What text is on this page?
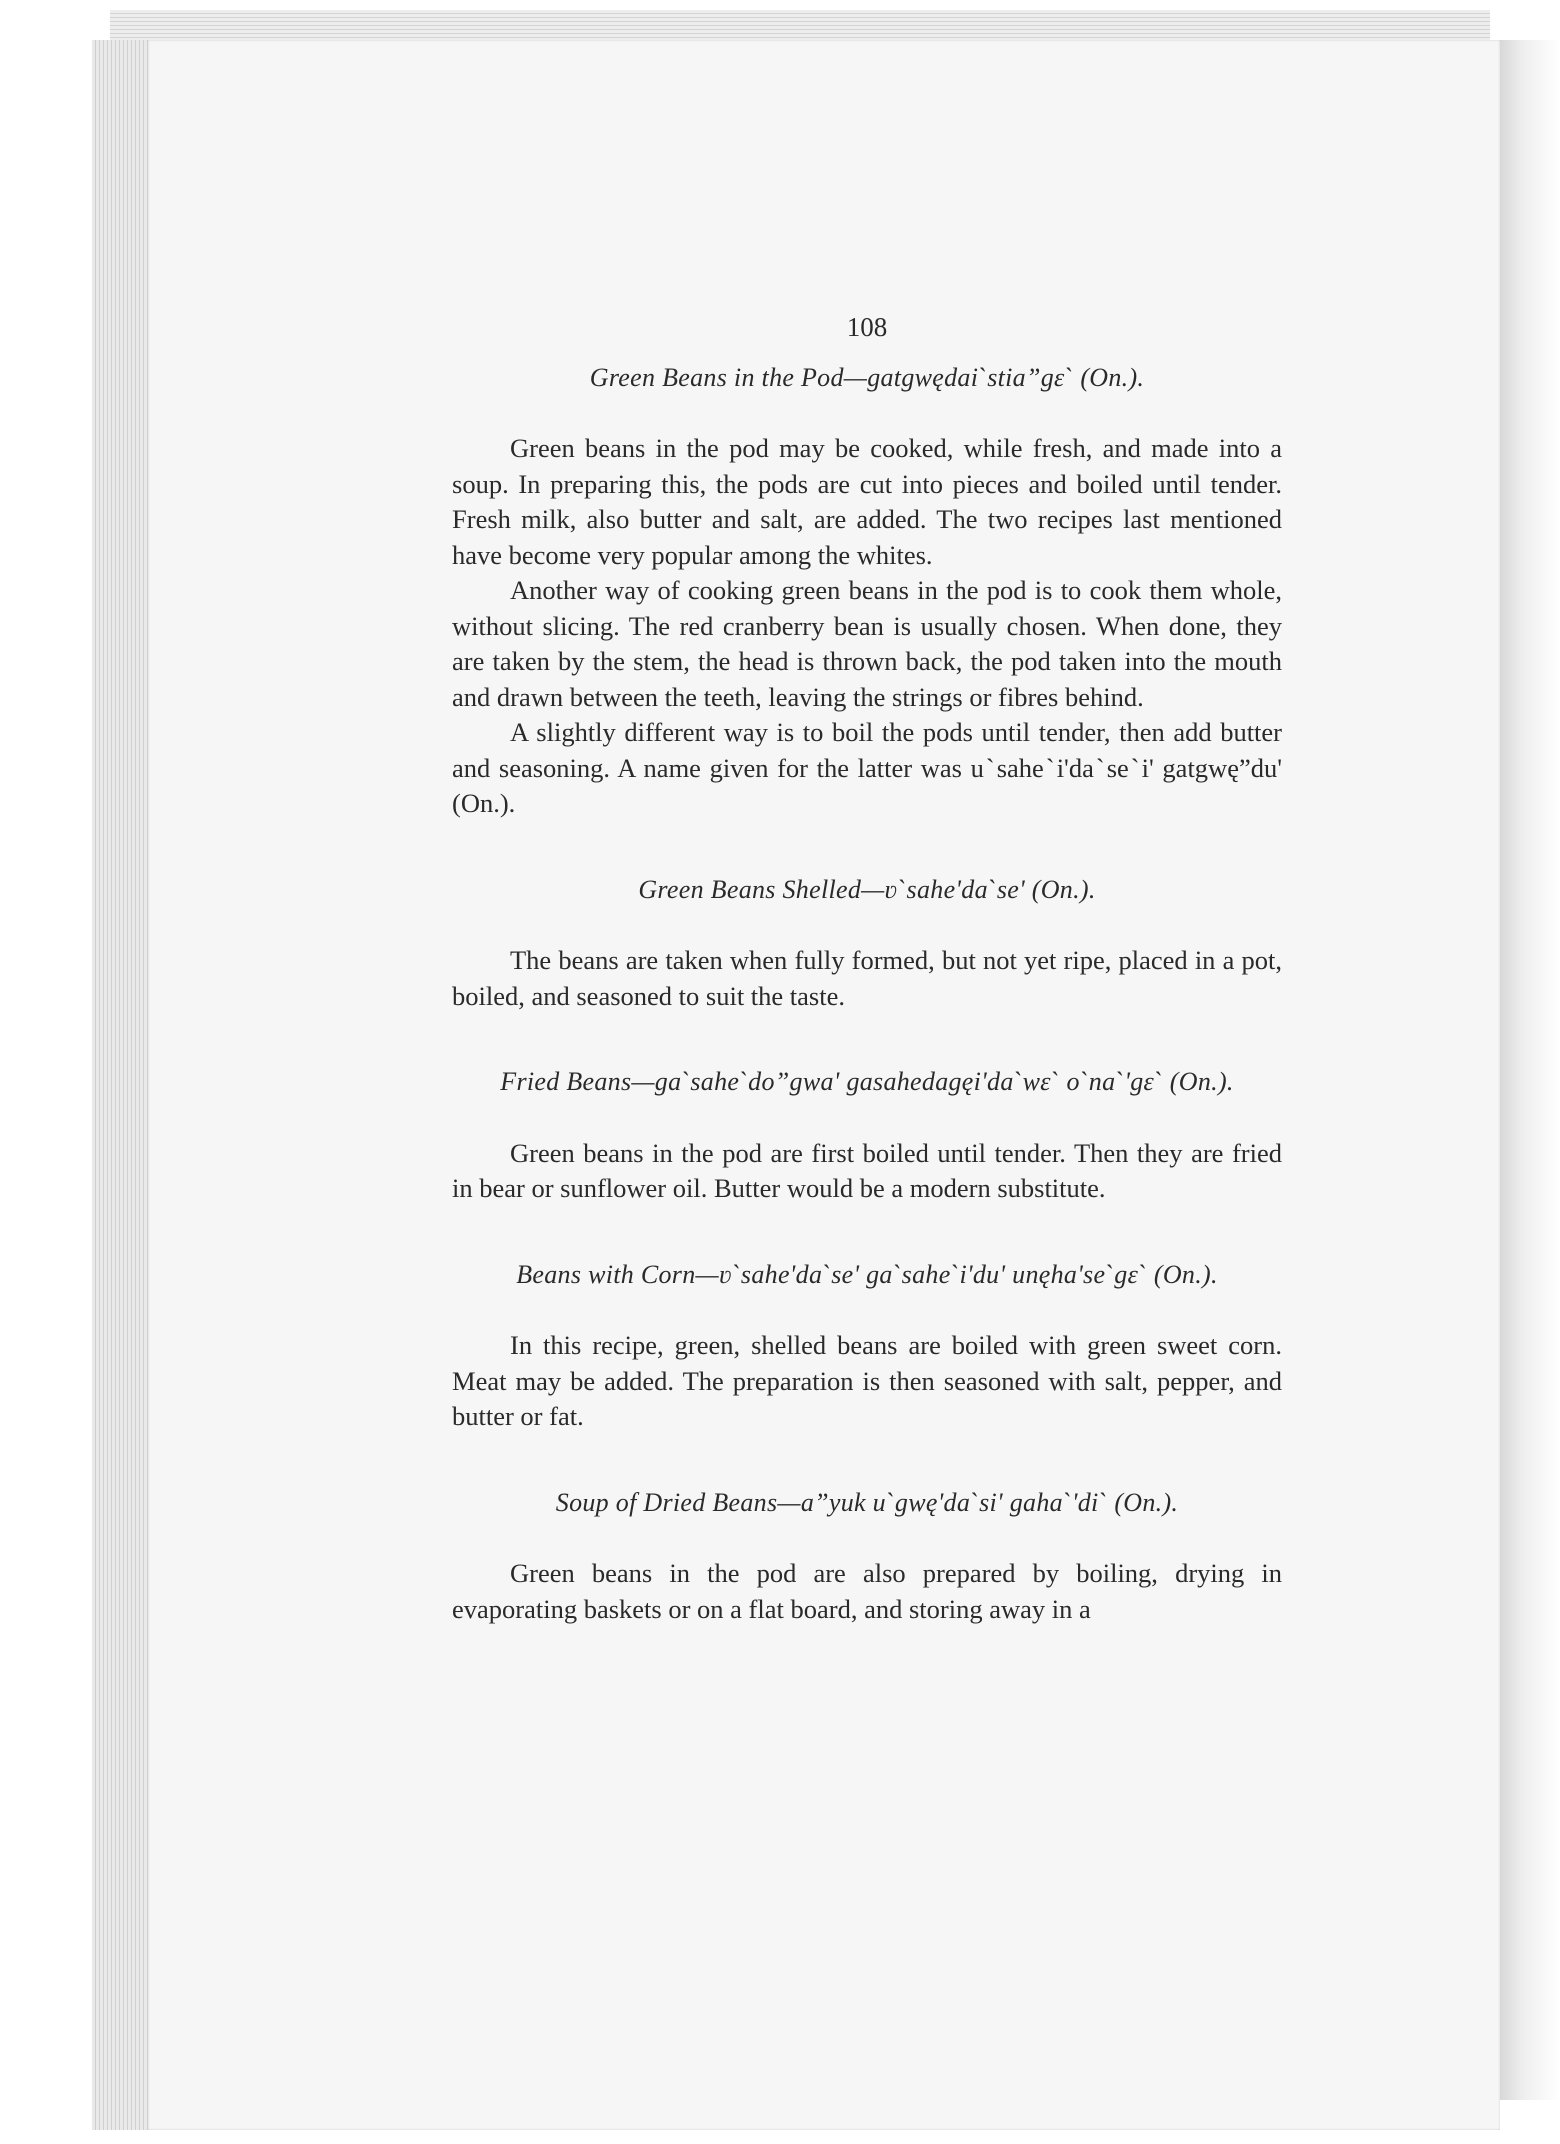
108
Green Beans in the Pod—gatgwędaiˋstia”gɛˋ (On.).

Green beans in the pod may be cooked, while fresh, and made into a soup. In preparing this, the pods are cut into pieces and boiled until tender. Fresh milk, also butter and salt, are added. The two recipes last mentioned have become very popular among the whites.

Another way of cooking green beans in the pod is to cook them whole, without slicing. The red cranberry bean is usually chosen. When done, they are taken by the stem, the head is thrown back, the pod taken into the mouth and drawn between the teeth, leaving the strings or fibres behind.

A slightly different way is to boil the pods until tender, then add butter and seasoning. A name given for the latter was uˋsaheˋi'daˋseˋi' gatgwę”du' (On.).

Green Beans Shelled—ʋˋsahe'daˋse' (On.).

The beans are taken when fully formed, but not yet ripe, placed in a pot, boiled, and seasoned to suit the taste.

Fried Beans—gaˋsaheˋdo”gwa' gasahedagęi'daˋwɛˋ oˋnaˋ'gɛˋ (On.).

Green beans in the pod are first boiled until tender. Then they are fried in bear or sunflower oil. Butter would be a modern substitute.

Beans with Corn—ʋˋsahe'daˋse' gaˋsaheˋi'du' unęha'seˋgɛˋ (On.).

In this recipe, green, shelled beans are boiled with green sweet corn. Meat may be added. The preparation is then seasoned with salt, pepper, and butter or fat.

Soup of Dried Beans—a”yuk uˋgwę'daˋsi' gahaˋ'diˋ (On.).

Green beans in the pod are also prepared by boiling, drying in evaporating baskets or on a flat board, and storing away in a
